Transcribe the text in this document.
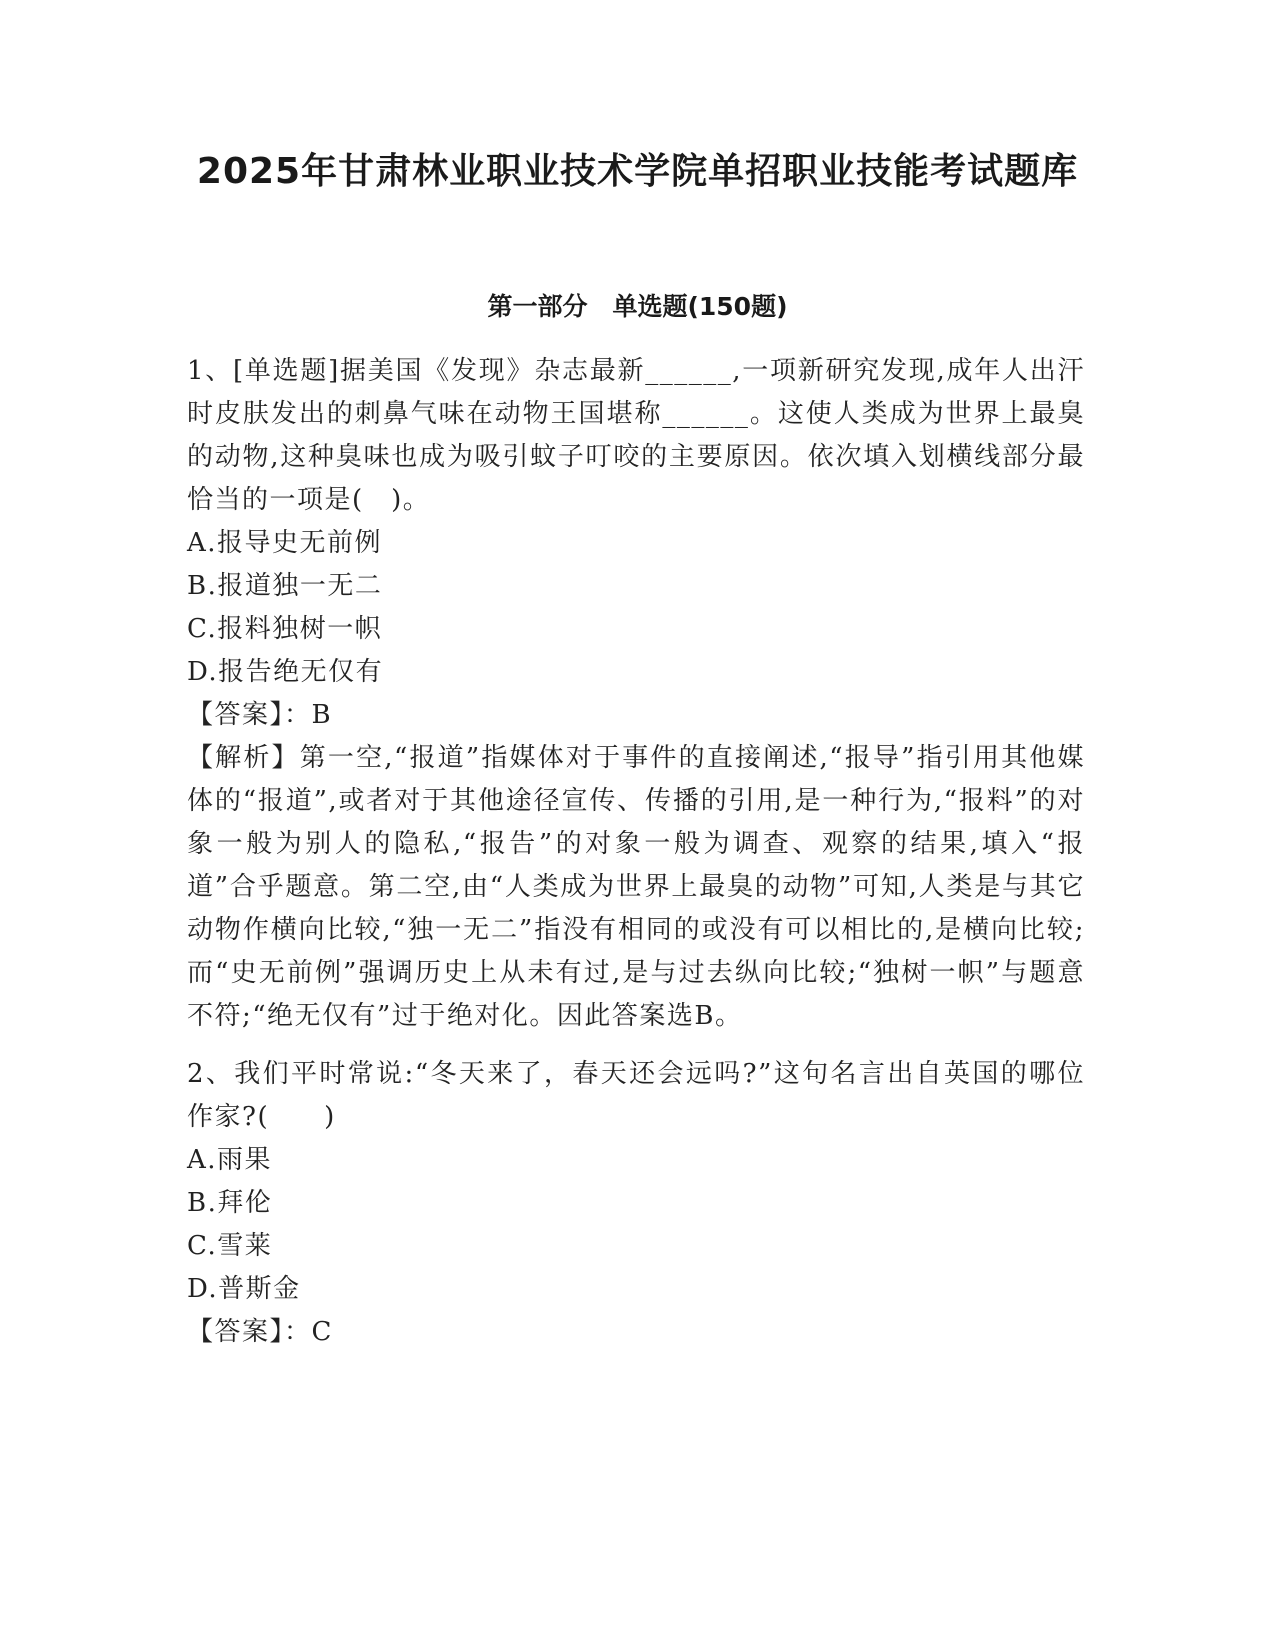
2025年甘肃林业职业技术学院单招职业技能考试题库
第一部分　单选题(150题)

1、[单选题]据美国《发现》杂志最新______,一项新研究发现,成年人出汗时皮肤发出的刺鼻气味在动物王国堪称______。这使人类成为世界上最臭的动物,这种臭味也成为吸引蚊子叮咬的主要原因。依次填入划横线部分最恰当的一项是(　)。

A.报导史无前例

B.报道独一无二

C.报料独树一帜

D.报告绝无仅有

【答案】：B

【解析】第一空,“报道”指媒体对于事件的直接阐述,“报导”指引用其他媒体的“报道”,或者对于其他途径宣传、传播的引用,是一种行为,“报料”的对象一般为别人的隐私,“报告”的对象一般为调查、观察的结果,填入“报道”合乎题意。第二空,由“人类成为世界上最臭的动物”可知,人类是与其它动物作横向比较,“独一无二”指没有相同的或没有可以相比的,是横向比较;而“史无前例”强调历史上从未有过,是与过去纵向比较;“独树一帜”与题意不符;“绝无仅有”过于绝对化。因此答案选B。

2、我们平时常说:“冬天来了，春天还会远吗?”这句名言出自英国的哪位作家?(　　)

A.雨果

B.拜伦

C.雪莱

D.普斯金

【答案】：C
